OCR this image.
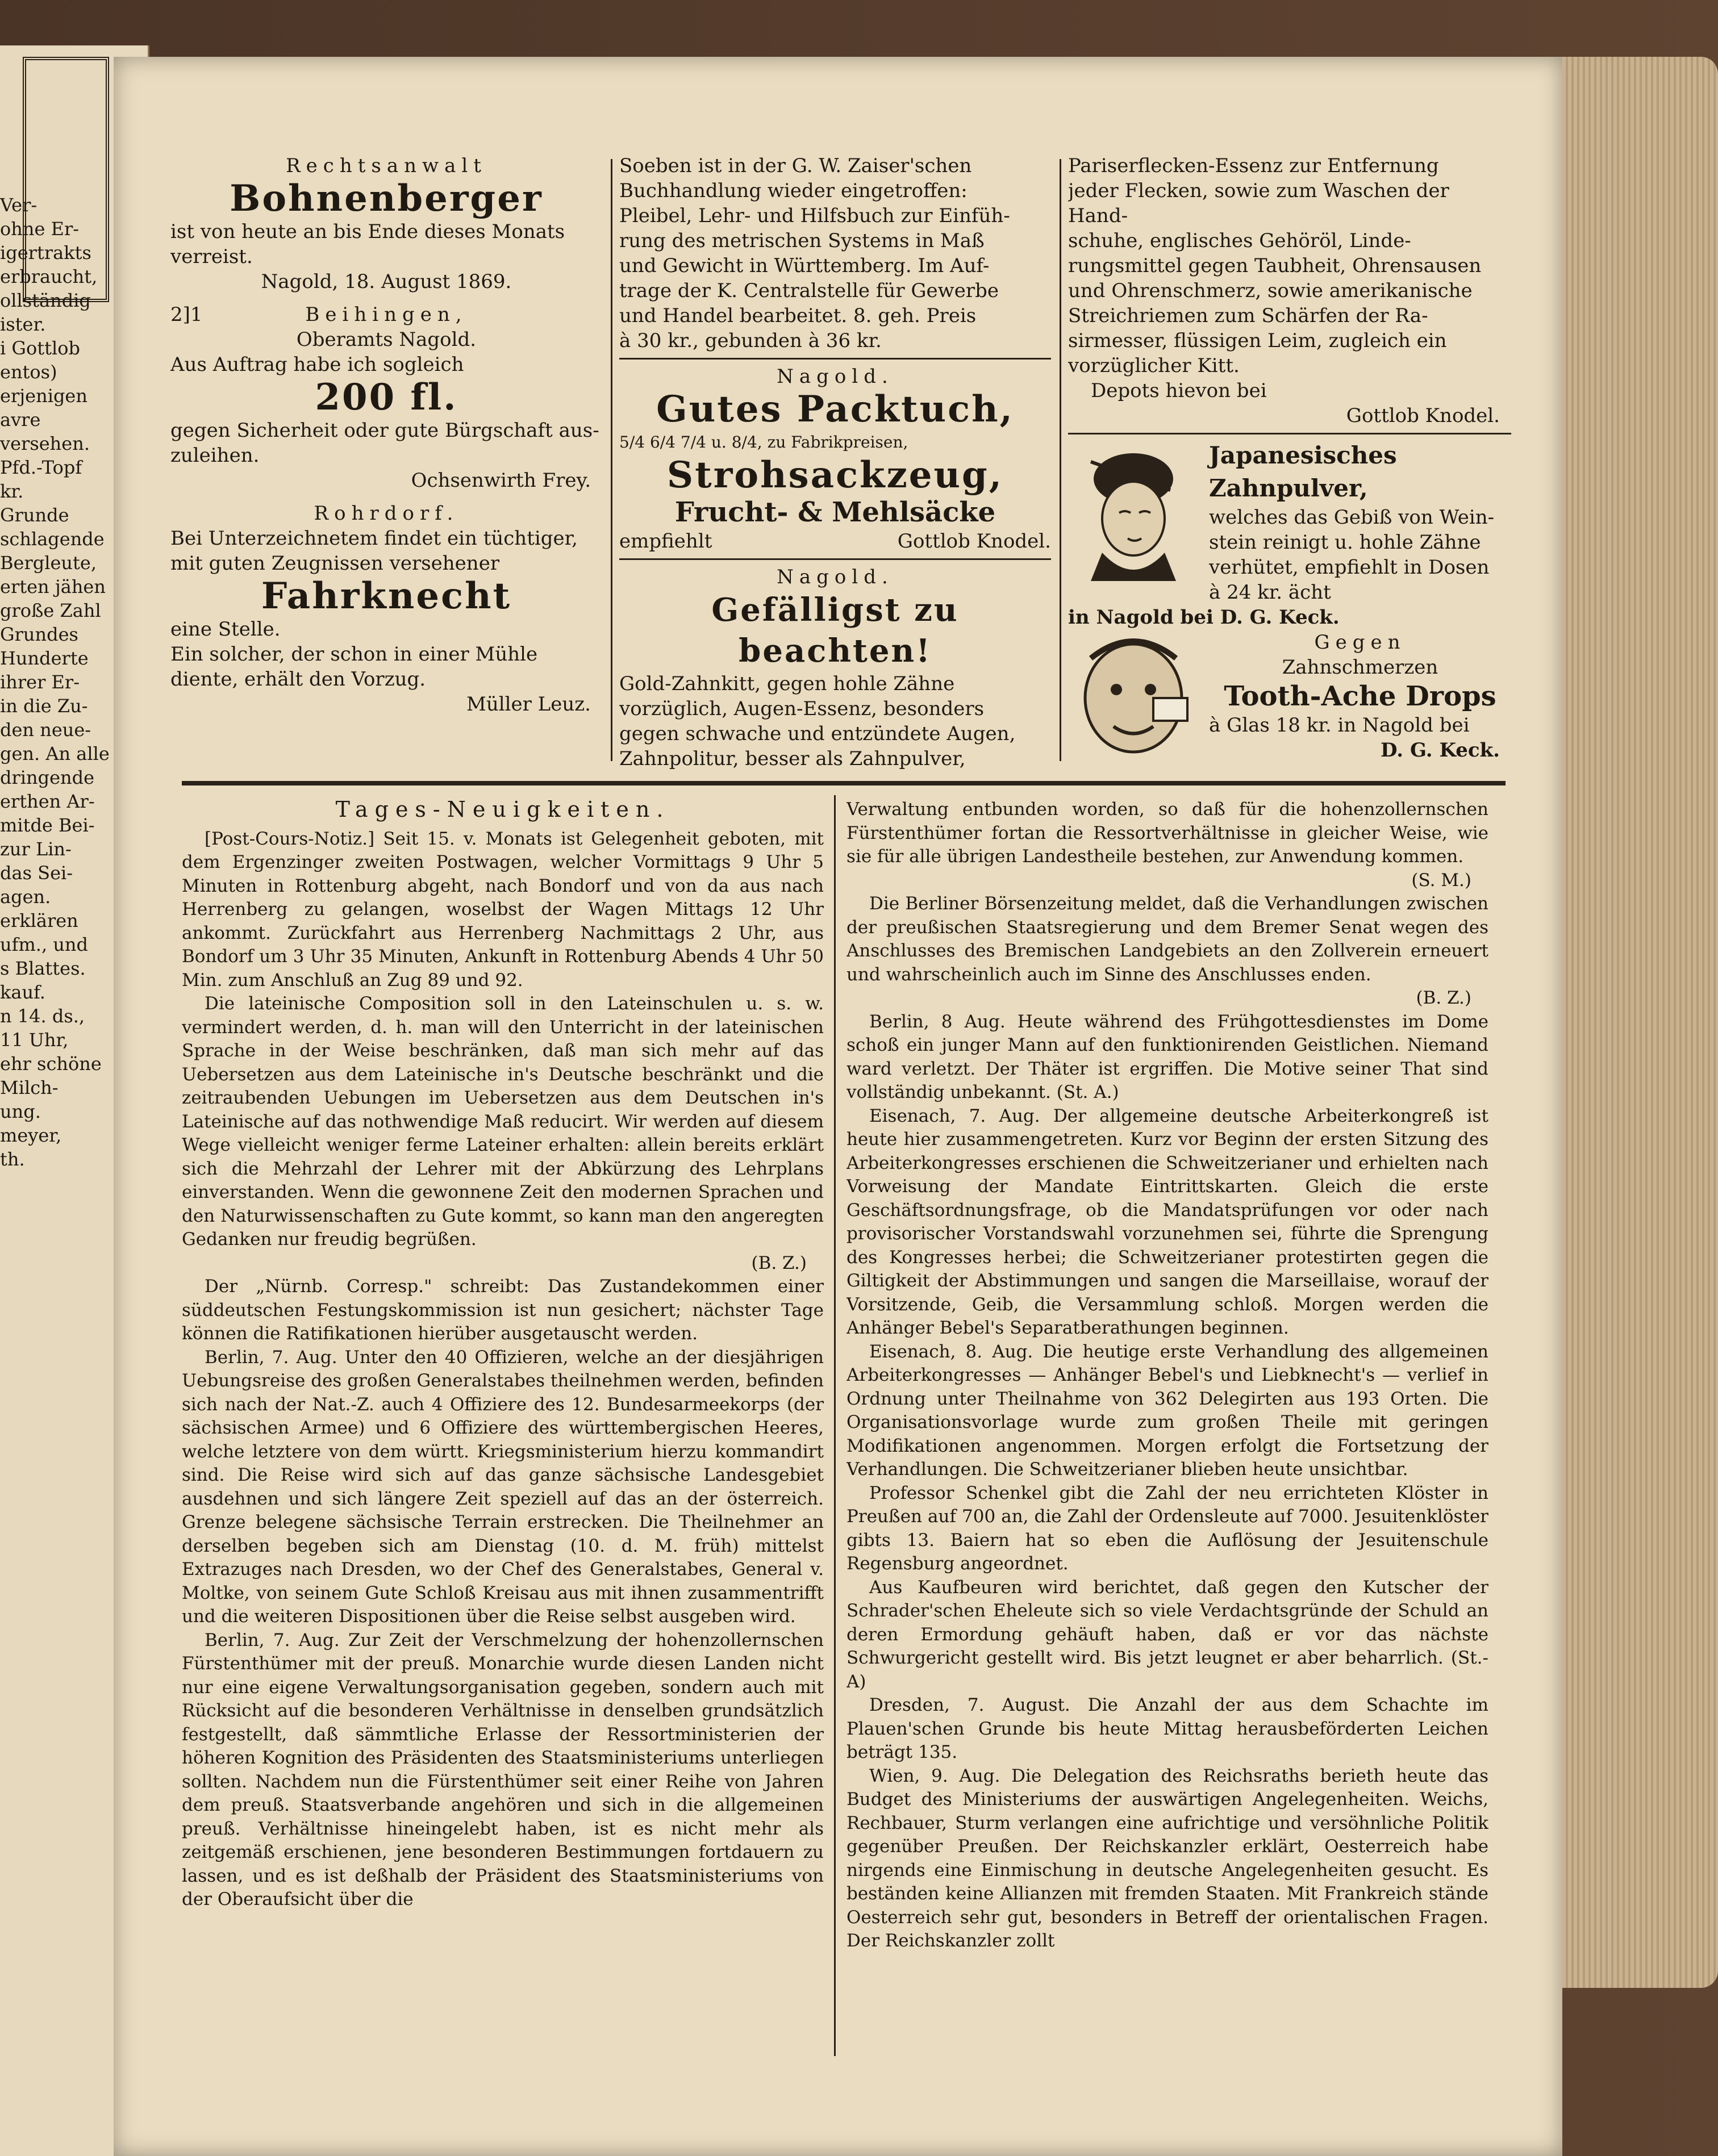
Ver-
ohne Er-
igertrakts
erbraucht,
ollständig
ister.
i Gottlob
entos)
erjenigen
avre
versehen.
Pfd.-Topf
kr.
Grunde
schlagende
Bergleute,
erten jähen
große Zahl
Grundes
Hunderte
ihrer Er-
in die Zu-
den neue-
gen. An alle
dringende
erthen Ar-
mitde Bei-
zur Lin-
das Sei-
agen.
erklären
ufm., und
s Blattes.
kauf.
n 14. ds.,
11 Uhr,
ehr schöne
Milch-
ung.
meyer,
th.
Rechtsanwalt
Bohnenberger
ist von heute an bis Ende dieses Monats
verreist.
Nagold, 18. August 1869.
2]1	Beihingen,
Oberamts Nagold.
Aus Auftrag habe ich sogleich
200 fl.
gegen Sicherheit oder gute Bürgschaft aus-
zuleihen.
Ochsenwirth Frey.
Rohrdorf.
Bei Unterzeichnetem findet ein tüchtiger,
mit guten Zeugnissen versehener
Fahrknecht
eine Stelle.
Ein solcher, der schon in einer Mühle
diente, erhält den Vorzug.
Müller Leuz.
Soeben ist in der G. W. Zaiser'schen
Buchhandlung wieder eingetroffen:
Pleibel, Lehr- und Hilfsbuch zur Einfüh-
rung des metrischen Systems in Maß
und Gewicht in Württemberg. Im Auf-
trage der K. Centralstelle für Gewerbe
und Handel bearbeitet. 8. geh. Preis
à 30 kr., gebunden à 36 kr.
Nagold.
Gutes Packtuch,
5/4 6/4 7/4 u. 8/4, zu Fabrikpreisen,
Strohsackzeug,
Frucht- & Mehlsäcke
empfiehlt	Gottlob Knodel.
Nagold.
Gefälligst zu beachten!
Gold-Zahnkitt, gegen hohle Zähne
vorzüglich, Augen-Essenz, besonders
gegen schwache und entzündete Augen,
Zahnpolitur, besser als Zahnpulver,
Pariserflecken-Essenz zur Entfernung
jeder Flecken, sowie zum Waschen der Hand-
schuhe, englisches Gehöröl, Linde-
rungsmittel gegen Taubheit, Ohrensausen
und Ohrenschmerz, sowie amerikanische
Streichriemen zum Schärfen der Ra-
sirmesser, flüssigen Leim, zugleich ein
vorzüglicher Kitt.
Depots hievon bei
Gottlob Knodel.
Japanesisches Zahnpulver,
welches das Gebiß von Wein-
stein reinigt u. hohle Zähne
verhütet, empfiehlt in Dosen
à 24 kr. ächt
in Nagold bei D. G. Keck.
Gegen
Zahnschmerzen
Tooth-Ache Drops
à Glas 18 kr. in Nagold bei
D. G. Keck.
Tages-Neuigkeiten.

[Post-Cours-Notiz.] Seit 15. v. Monats ist Gelegenheit geboten, mit dem Ergenzinger zweiten Postwagen, welcher Vormittags 9 Uhr 5 Minuten in Rottenburg abgeht, nach Bondorf und von da aus nach Herrenberg zu gelangen, woselbst der Wagen Mittags 12 Uhr ankommt. Zurückfahrt aus Herrenberg Nachmittags 2 Uhr, aus Bondorf um 3 Uhr 35 Minuten, Ankunft in Rottenburg Abends 4 Uhr 50 Min. zum Anschluß an Zug 89 und 92.

Die lateinische Composition soll in den Lateinschulen u. s. w. vermindert werden, d. h. man will den Unterricht in der lateinischen Sprache in der Weise beschränken, daß man sich mehr auf das Uebersetzen aus dem Lateinische in's Deutsche beschränkt und die zeitraubenden Uebungen im Uebersetzen aus dem Deutschen in's Lateinische auf das nothwendige Maß reducirt. Wir werden auf diesem Wege vielleicht weniger ferme Lateiner erhalten: allein bereits erklärt sich die Mehrzahl der Lehrer mit der Abkürzung des Lehrplans einverstanden. Wenn die gewonnene Zeit den modernen Sprachen und den Naturwissenschaften zu Gute kommt, so kann man den angeregten Gedanken nur freudig begrüßen.

(B. Z.)

Der „Nürnb. Corresp." schreibt: Das Zustandekommen einer süddeutschen Festungskommission ist nun gesichert; nächster Tage können die Ratifikationen hierüber ausgetauscht werden.

Berlin, 7. Aug. Unter den 40 Offizieren, welche an der diesjährigen Uebungsreise des großen Generalstabes theilnehmen werden, befinden sich nach der Nat.-Z. auch 4 Offiziere des 12. Bundesarmeekorps (der sächsischen Armee) und 6 Offiziere des württembergischen Heeres, welche letztere von dem württ. Kriegsministerium hierzu kommandirt sind. Die Reise wird sich auf das ganze sächsische Landesgebiet ausdehnen und sich längere Zeit speziell auf das an der österreich. Grenze belegene sächsische Terrain erstrecken. Die Theilnehmer an derselben begeben sich am Dienstag (10. d. M. früh) mittelst Extrazuges nach Dresden, wo der Chef des Generalstabes, General v. Moltke, von seinem Gute Schloß Kreisau aus mit ihnen zusammentrifft und die weiteren Dispositionen über die Reise selbst ausgeben wird.

Berlin, 7. Aug. Zur Zeit der Verschmelzung der hohenzollernschen Fürstenthümer mit der preuß. Monarchie wurde diesen Landen nicht nur eine eigene Verwaltungsorganisation gegeben, sondern auch mit Rücksicht auf die besonderen Verhältnisse in denselben grundsätzlich festgestellt, daß sämmtliche Erlasse der Ressortministerien der höheren Kognition des Präsidenten des Staatsministeriums unterliegen sollten. Nachdem nun die Fürstenthümer seit einer Reihe von Jahren dem preuß. Staatsverbande angehören und sich in die allgemeinen preuß. Verhältnisse hineingelebt haben, ist es nicht mehr als zeitgemäß erschienen, jene besonderen Bestimmungen fortdauern zu lassen, und es ist deßhalb der Präsident des Staatsministeriums von der Oberaufsicht über die

Verwaltung entbunden worden, so daß für die hohenzollernschen Fürstenthümer fortan die Ressortverhältnisse in gleicher Weise, wie sie für alle übrigen Landestheile bestehen, zur Anwendung kommen.

(S. M.)

Die Berliner Börsenzeitung meldet, daß die Verhandlungen zwischen der preußischen Staatsregierung und dem Bremer Senat wegen des Anschlusses des Bremischen Landgebiets an den Zollverein erneuert und wahrscheinlich auch im Sinne des Anschlusses enden.

(B. Z.)

Berlin, 8 Aug. Heute während des Frühgottesdienstes im Dome schoß ein junger Mann auf den funktionirenden Geistlichen. Niemand ward verletzt. Der Thäter ist ergriffen. Die Motive seiner That sind vollständig unbekannt. (St. A.)

Eisenach, 7. Aug. Der allgemeine deutsche Arbeiterkongreß ist heute hier zusammengetreten. Kurz vor Beginn der ersten Sitzung des Arbeiterkongresses erschienen die Schweitzerianer und erhielten nach Vorweisung der Mandate Eintrittskarten. Gleich die erste Geschäftsordnungsfrage, ob die Mandatsprüfungen vor oder nach provisorischer Vorstandswahl vorzunehmen sei, führte die Sprengung des Kongresses herbei; die Schweitzerianer protestirten gegen die Giltigkeit der Abstimmungen und sangen die Marseillaise, worauf der Vorsitzende, Geib, die Versammlung schloß. Morgen werden die Anhänger Bebel's Separatberathungen beginnen.

Eisenach, 8. Aug. Die heutige erste Verhandlung des allgemeinen Arbeiterkongresses — Anhänger Bebel's und Liebknecht's — verlief in Ordnung unter Theilnahme von 362 Delegirten aus 193 Orten. Die Organisationsvorlage wurde zum großen Theile mit geringen Modifikationen angenommen. Morgen erfolgt die Fortsetzung der Verhandlungen. Die Schweitzerianer blieben heute unsichtbar.

Professor Schenkel gibt die Zahl der neu errichteten Klöster in Preußen auf 700 an, die Zahl der Ordensleute auf 7000. Jesuitenklöster gibts 13. Baiern hat so eben die Auflösung der Jesuitenschule Regensburg angeordnet.

Aus Kaufbeuren wird berichtet, daß gegen den Kutscher der Schrader'schen Eheleute sich so viele Verdachtsgründe der Schuld an deren Ermordung gehäuft haben, daß er vor das nächste Schwurgericht gestellt wird. Bis jetzt leugnet er aber beharrlich. (St.-A)

Dresden, 7. August. Die Anzahl der aus dem Schachte im Plauen'schen Grunde bis heute Mittag herausbeförderten Leichen beträgt 135.

Wien, 9. Aug. Die Delegation des Reichsraths berieth heute das Budget des Ministeriums der auswärtigen Angelegenheiten. Weichs, Rechbauer, Sturm verlangen eine aufrichtige und versöhnliche Politik gegenüber Preußen. Der Reichskanzler erklärt, Oesterreich habe nirgends eine Einmischung in deutsche Angelegenheiten gesucht. Es beständen keine Allianzen mit fremden Staaten. Mit Frankreich stände Oesterreich sehr gut, besonders in Betreff der orientalischen Fragen. Der Reichskanzler zollt
